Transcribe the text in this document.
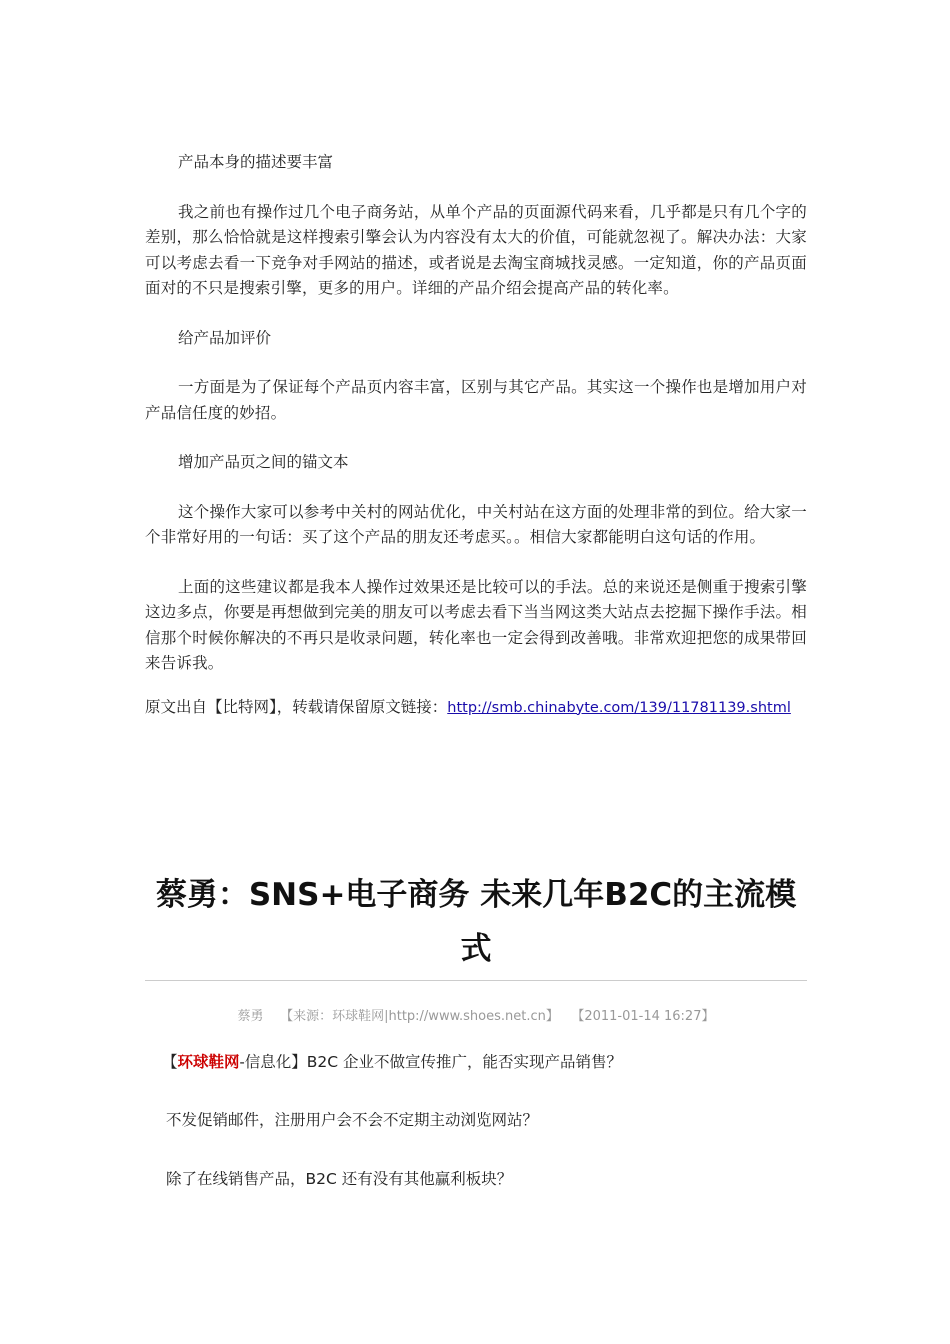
产品本身的描述要丰富

我之前也有操作过几个电子商务站，从单个产品的页面源代码来看，几乎都是只有几个字的差别，那么恰恰就是这样搜索引擎会认为内容没有太大的价值，可能就忽视了。解决办法：大家可以考虑去看一下竞争对手网站的描述，或者说是去淘宝商城找灵感。一定知道，你的产品页面面对的不只是搜索引擎，更多的用户。详细的产品介绍会提高产品的转化率。

给产品加评价

一方面是为了保证每个产品页内容丰富，区别与其它产品。其实这一个操作也是增加用户对产品信任度的妙招。

增加产品页之间的锚文本

这个操作大家可以参考中关村的网站优化，中关村站在这方面的处理非常的到位。给大家一个非常好用的一句话：买了这个产品的朋友还考虑买。。相信大家都能明白这句话的作用。

上面的这些建议都是我本人操作过效果还是比较可以的手法。总的来说还是侧重于搜索引擎这边多点，你要是再想做到完美的朋友可以考虑去看下当当网这类大站点去挖掘下操作手法。相信那个时候你解决的不再只是收录问题，转化率也一定会得到改善哦。非常欢迎把您的成果带回来告诉我。

原文出自【比特网】，转载请保留原文链接：http://smb.chinabyte.com/139/11781139.shtml

蔡勇：SNS+电子商务 未来几年B2C的主流模式
蔡勇 【来源：环球鞋网|http://www.shoes.net.cn】 【2011-01-14 16:27】

【环球鞋网-信息化】B2C 企业不做宣传推广，能否实现产品销售？

不发促销邮件，注册用户会不会不定期主动浏览网站？

除了在线销售产品，B2C 还有没有其他赢利板块？
